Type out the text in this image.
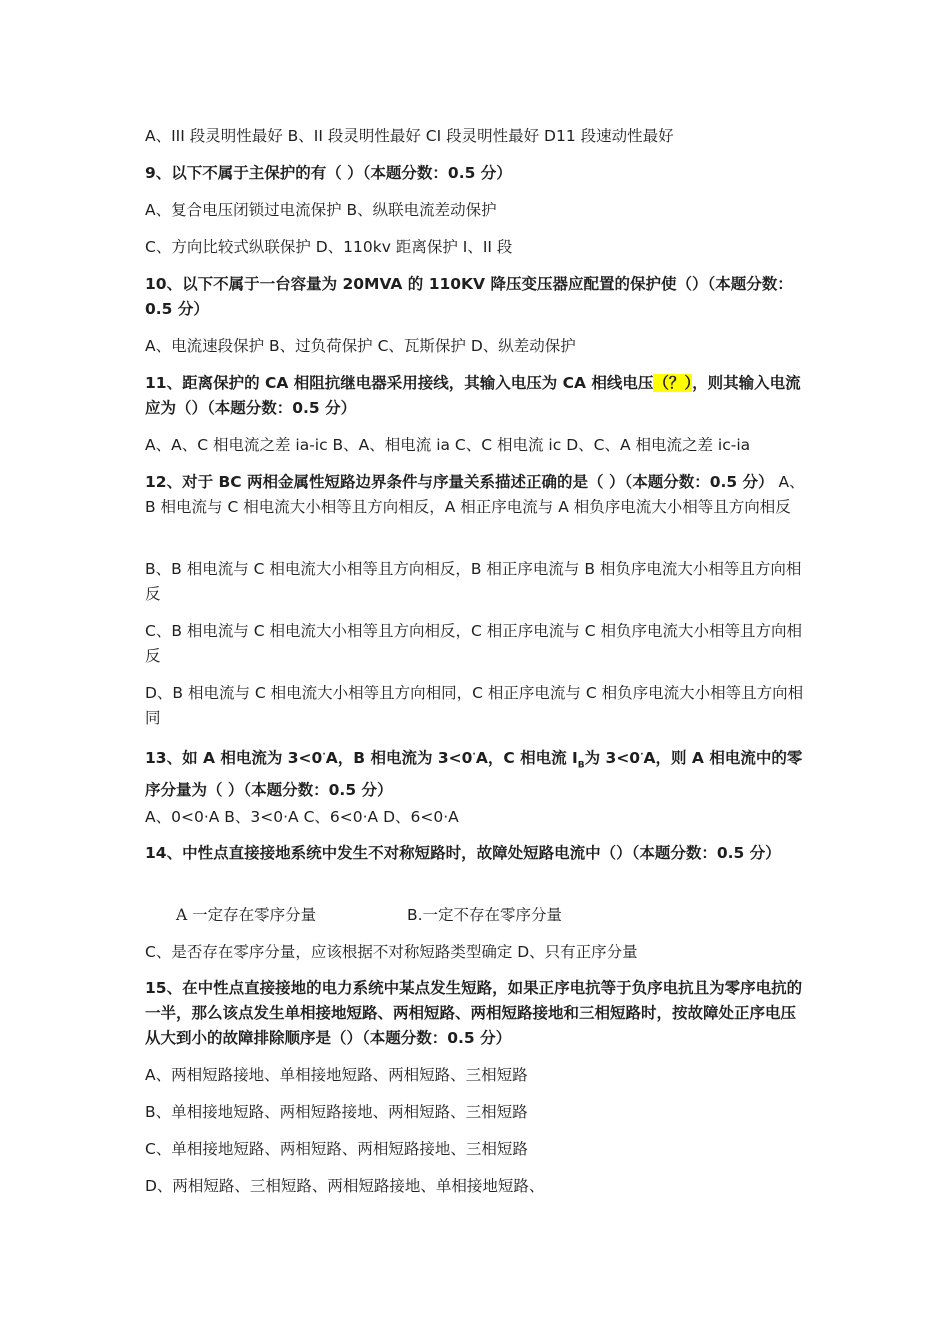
A、III 段灵明性最好 B、II 段灵明性最好 CI 段灵明性最好 D11 段速动性最好
9、以下不属于主保护的有（ ）（本题分数：0.5 分）
A、复合电压闭锁过电流保护 B、纵联电流差动保护
C、方向比较式纵联保护 D、110kv 距离保护 I、II 段
10、以下不属于一台容量为 20MVA 的 110KV 降压变压器应配置的保护使（）（本题分数：0.5 分）
A、电流速段保护 B、过负荷保护 C、瓦斯保护 D、纵差动保护
11、距离保护的 CA 相阻抗继电器采用接线，其输入电压为 CA 相线电压（？），则其输入电流应为（）（本题分数：0.5 分）
A、A、C 相电流之差 ia-ic B、A、相电流 ia C、C 相电流 ic D、C、A 相电流之差 ic-ia
12、对于 BC 两相金属性短路边界条件与序量关系描述正确的是（ ）（本题分数：0.5 分） A、B 相电流与 C 相电流大小相等且方向相反，A 相正序电流与 A 相负序电流大小相等且方向相反
B、B 相电流与 C 相电流大小相等且方向相反，B 相正序电流与 B 相负序电流大小相等且方向相反
C、B 相电流与 C 相电流大小相等且方向相反，C 相正序电流与 C 相负序电流大小相等且方向相反
D、B 相电流与 C 相电流大小相等且方向相同，C 相正序电流与 C 相负序电流大小相等且方向相同
13、如 A 相电流为 3<0·A，B 相电流为 3<0·A，C 相电流 $I_B$为 3<0·A，则 A 相电流中的零序分量为（ ）（本题分数：0.5 分）
A、0<0·A B、3<0·A C、6<0·A D、6<0·A
14、中性点直接接地系统中发生不对称短路时，故障处短路电流中（）（本题分数：0.5 分）
A 一定存在零序分量	B.一定不存在零序分量
C、是否存在零序分量，应该根据不对称短路类型确定 D、只有正序分量
15、在中性点直接接地的电力系统中某点发生短路，如果正序电抗等于负序电抗且为零序电抗的一半，那么该点发生单相接地短路、两相短路、两相短路接地和三相短路时，按故障处正序电压从大到小的故障排除顺序是（）（本题分数：0.5 分）
A、两相短路接地、单相接地短路、两相短路、三相短路
B、单相接地短路、两相短路接地、两相短路、三相短路
C、单相接地短路、两相短路、两相短路接地、三相短路
D、两相短路、三相短路、两相短路接地、单相接地短路、
